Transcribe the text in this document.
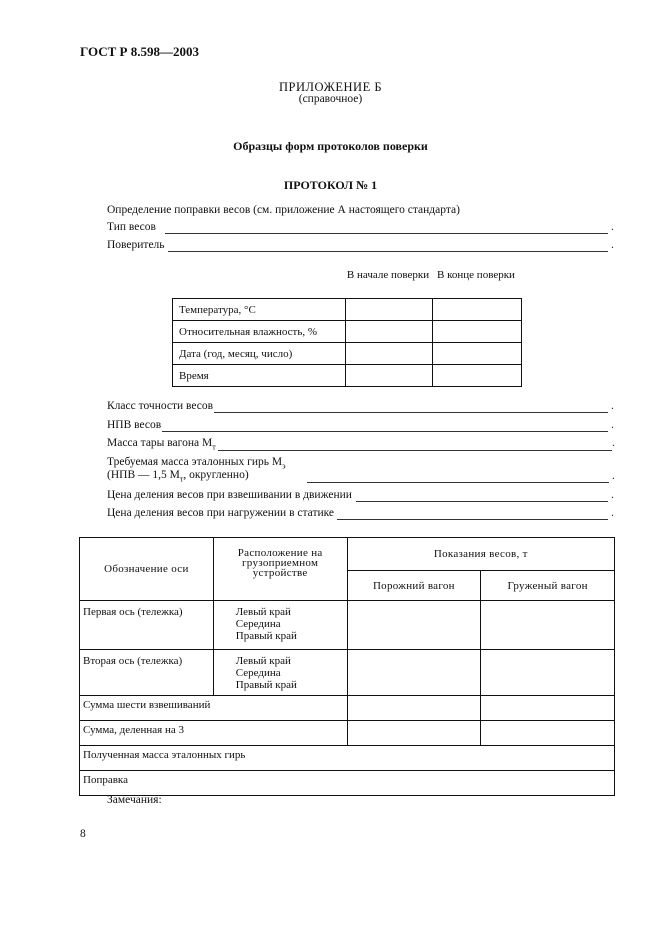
ГОСТ Р 8.598—2003
ПРИЛОЖЕНИЕ Б
(справочное)
Образцы форм протоколов поверки
ПРОТОКОЛ № 1
Определение поправки весов (см. приложение А настоящего стандарта)
Тип весов	.
Поверитель	.
В начале поверки В конце поверки
Температура, °С		
Относительная влажность, %		
Дата (год, месяц, число)		
Время		
Класс точности весов	.
НПВ весов	.
Масса тары вагона $M_т$	.
Требуемая масса эталонных гирь $M_э$
(НПВ — 1,5 $M_т$, округленно)	.
Цена деления весов при взвешивании в движении	.
Цена деления весов при нагружении в статике	.
Обозначение оси	Расположение на грузоприемном устройстве	Показания весов, т	
		Порожний вагон	Груженый вагон
Первая ось (тележка)	Левый край
Середина
Правый край		

Вторая ось (тележка)	Левый край
Середина
Правый край		

Сумма шести взвешиваний			
Сумма, деленная на 3			
Полученная масса эталонных гирь			
Поправка			
Замечания:
8
